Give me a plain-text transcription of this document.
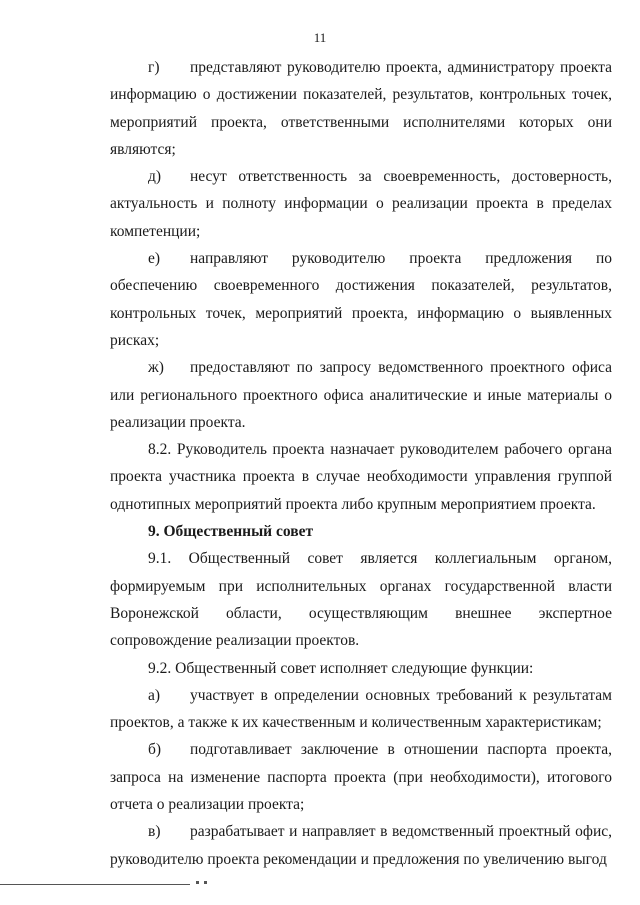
11

г) представляют руководителю проекта, администратору проекта информацию о достижении показателей, результатов, контрольных точек, мероприятий проекта, ответственными исполнителями которых они являются;

д) несут ответственность за своевременность, достоверность, актуальность и полноту информации о реализации проекта в пределах компетенции;

е) направляют руководителю проекта предложения по обеспечению своевременного достижения показателей, результатов, контрольных точек, мероприятий проекта, информацию о выявленных рисках;

ж) предоставляют по запросу ведомственного проектного офиса или регионального проектного офиса аналитические и иные материалы о реализации проекта.

8.2. Руководитель проекта назначает руководителем рабочего органа проекта участника проекта в случае необходимости управления группой однотипных мероприятий проекта либо крупным мероприятием проекта.

9. Общественный совет

9.1. Общественный совет является коллегиальным органом, формируемым при исполнительных органах государственной власти Воронежской области, осуществляющим внешнее экспертное сопровождение реализации проектов.

9.2. Общественный совет исполняет следующие функции:

а) участвует в определении основных требований к результатам проектов, а также к их качественным и количественным характеристикам;

б) подготавливает заключение в отношении паспорта проекта, запроса на изменение паспорта проекта (при необходимости), итогового отчета о реализации проекта;

в) разрабатывает и направляет в ведомственный проектный офис, руководителю проекта рекомендации и предложения по увеличению выгод
